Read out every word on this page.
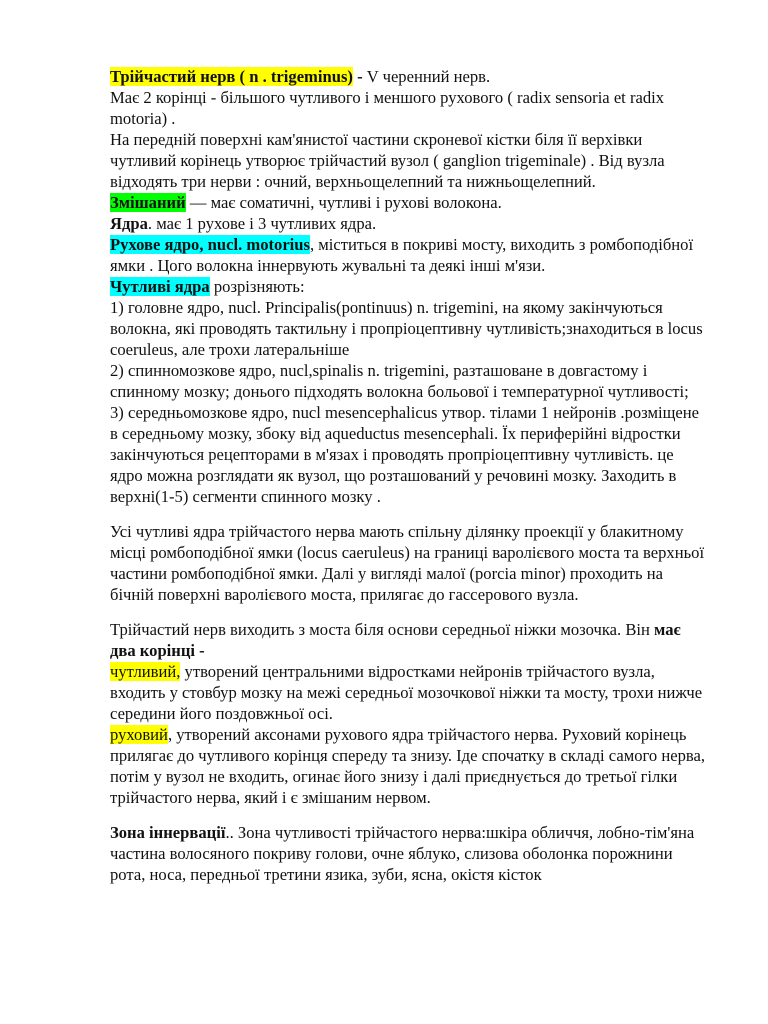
Трійчастий нерв ( n . trigeminus) - V черенний нерв.

Має 2 корінці - більшого чутливого і меншого рухового ( radix sensoria et radix motoria) .

На передній поверхні кам'янистої частини скроневої кістки біля її верхівки чутливий корінець утворює трійчастий вузол ( ganglion trigeminale) . Від вузла відходять три нерви : очний, верхньощелепний та нижньощелепний.

Змішаний — має соматичні, чутливі і рухові волокона.

Ядра. має 1 рухове і 3 чутливих ядра.

Рухове ядро, nucl. motorius, міститься в покриві мосту, виходить з ромбоподібної ямки . Цого волокна іннервують жувальні та деякі інші м'язи.

Чутливі ядра розрізняють:

1) головне ядро, nucl. Principalis(pontinuus) n. trigemini, на якому закінчуються волокна, які проводять тактильну і пропріоцептивну чутливість;знаходиться в locus coeruleus, але трохи латеральніше

2) спинномозкове ядро, nucl,spinalis n. trigemini, разташоване в довгастому і спинному мозку; донього підходять волокна больової і температурної чутливості;

3) середньомозкове ядро, nucl mesencephalicus утвор. тілами 1 нейронів .розміщене в середньому мозку, збоку від aqueductus mesencephali. Їх периферійні відростки закінчуються рецепторами в м'язах і проводять пропріоцептивну чутливість. це ядро можна розглядати як вузол, що розташований у речовині мозку. Заходить в верхні(1-5) сегменти спинного мозку .

Усі чутливі ядра трійчастого нерва мають спільну ділянку проекції у блакитному місці ромбоподібної ямки (locus caeruleus) на границі варолієвого моста та верхньої частини ромбоподібної ямки. Далі у вигляді малої (porcia minor) проходить на бічній поверхні варолієвого моста, прилягає до гассерового вузла.

Трійчастий нерв виходить з моста біля основи середньої ніжки мозочка. Він має два корінці -

чутливий, утворений центральними відростками нейронів трійчастого вузла, входить у стовбур мозку на межі середньої мозочкової ніжки та мосту, трохи нижче середини його поздовжньої осі.

руховий, утворений аксонами рухового ядра трійчастого нерва. Руховий корінець прилягає до чутливого корінця спереду та знизу. Іде спочатку в складі самого нерва, потім у вузол не входить, огинає його знизу і далі приєднується до третьої гілки трійчастого нерва, який і є змішаним нервом.

Зона іннервації.. Зона чутливості трійчастого нерва:шкіра обличчя, лобно-тім'яна частина волосяного покриву голови, очне яблуко, слизова оболонка порожнини рота, носа, передньої третини язика, зуби, ясна, окістя кісток
